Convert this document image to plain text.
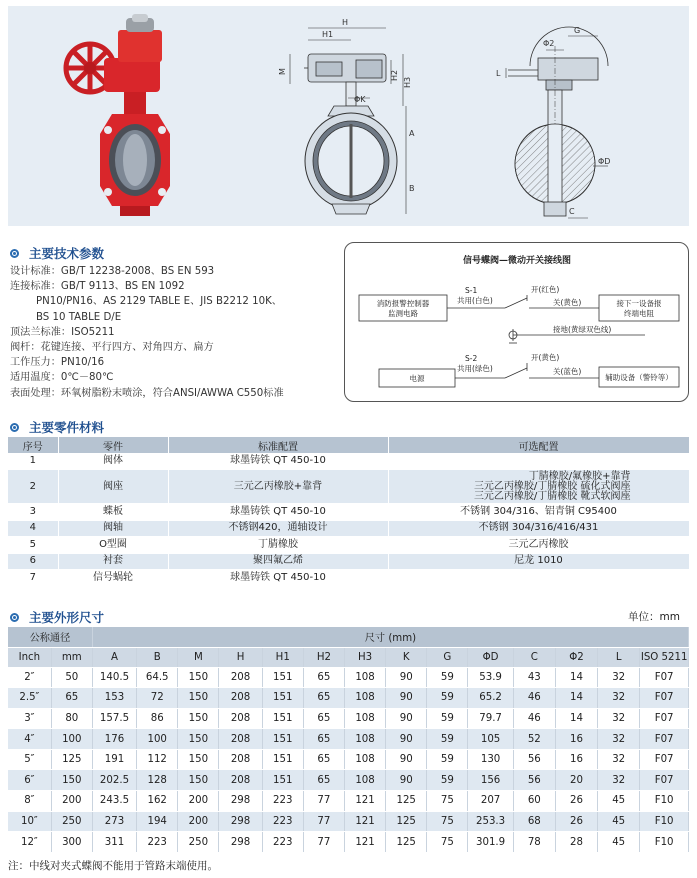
H
H1
M	H2
H3
ΦK
A
B
G
Φ2
L
ΦD
C
主要技术参数
设计标准：GB/T 12238-2008、BS EN 593
连接标准：GB/T 9113、BS EN 1092
PN10/PN16、AS 2129 TABLE E、JIS B2212 10K、
BS 10 TABLE D/E
顶法兰标准：ISO5211
阀杆：花键连接、平行四方、对角四方、扁方
工作压力：PN10/16
适用温度：0℃－80℃
表面处理：环氧树脂粉末喷涂，符合ANSI/AWWA C550标准
信号蝶阀—微动开关接线图
消防报警控制器
监测电路
接下一设备报
终端电阻
电源	辅助设备（警铃等）
S-1
共用(白色)
开(红色)
关(黄色)
接地(黄绿双色线)
S-2
共用(绿色)
开(黄色)
关(蓝色)
主要零件材料
序号	零件	标准配置	可选配置
1	阀体	球墨铸铁 QT 450-10	

2	阀座	三元乙丙橡胶+靠背	丁腈橡胶/氟橡胶+靠背
三元乙丙橡胶/丁腈橡胶 硫化式阀座
三元乙丙橡胶/丁腈橡胶 靴式软阀座

3	蝶板	球墨铸铁 QT 450-10	不锈钢 304/316、铝青铜 C95400

4	阀轴	不锈钢420，通轴设计	不锈钢 304/316/416/431

5	O型圈	丁腈橡胶	三元乙丙橡胶

6	衬套	聚四氟乙烯	尼龙 1010

7	信号蜗轮	球墨铸铁 QT 450-10	
主要外形尺寸	单位：mm
公称通径		尺寸 (mm)													
Inch	mm	A	B	M	H	H1	H2	H3	K	G	ΦD	C	Φ2	L	ISO 5211
2″	50	140.5	64.5	150	208	151	65	108	90	59	53.9	43	14	32	F07
2.5″	65	153	72	150	208	151	65	108	90	59	65.2	46	14	32	F07
3″	80	157.5	86	150	208	151	65	108	90	59	79.7	46	14	32	F07
4″	100	176	100	150	208	151	65	108	90	59	105	52	16	32	F07
5″	125	191	112	150	208	151	65	108	90	59	130	56	16	32	F07
6″	150	202.5	128	150	208	151	65	108	90	59	156	56	20	32	F07
8″	200	243.5	162	200	298	223	77	121	125	75	207	60	26	45	F10
10″	250	273	194	200	298	223	77	121	125	75	253.3	68	26	45	F10
12″	300	311	223	250	298	223	77	121	125	75	301.9	78	28	45	F10
注：中线对夹式蝶阀不能用于管路末端使用。
